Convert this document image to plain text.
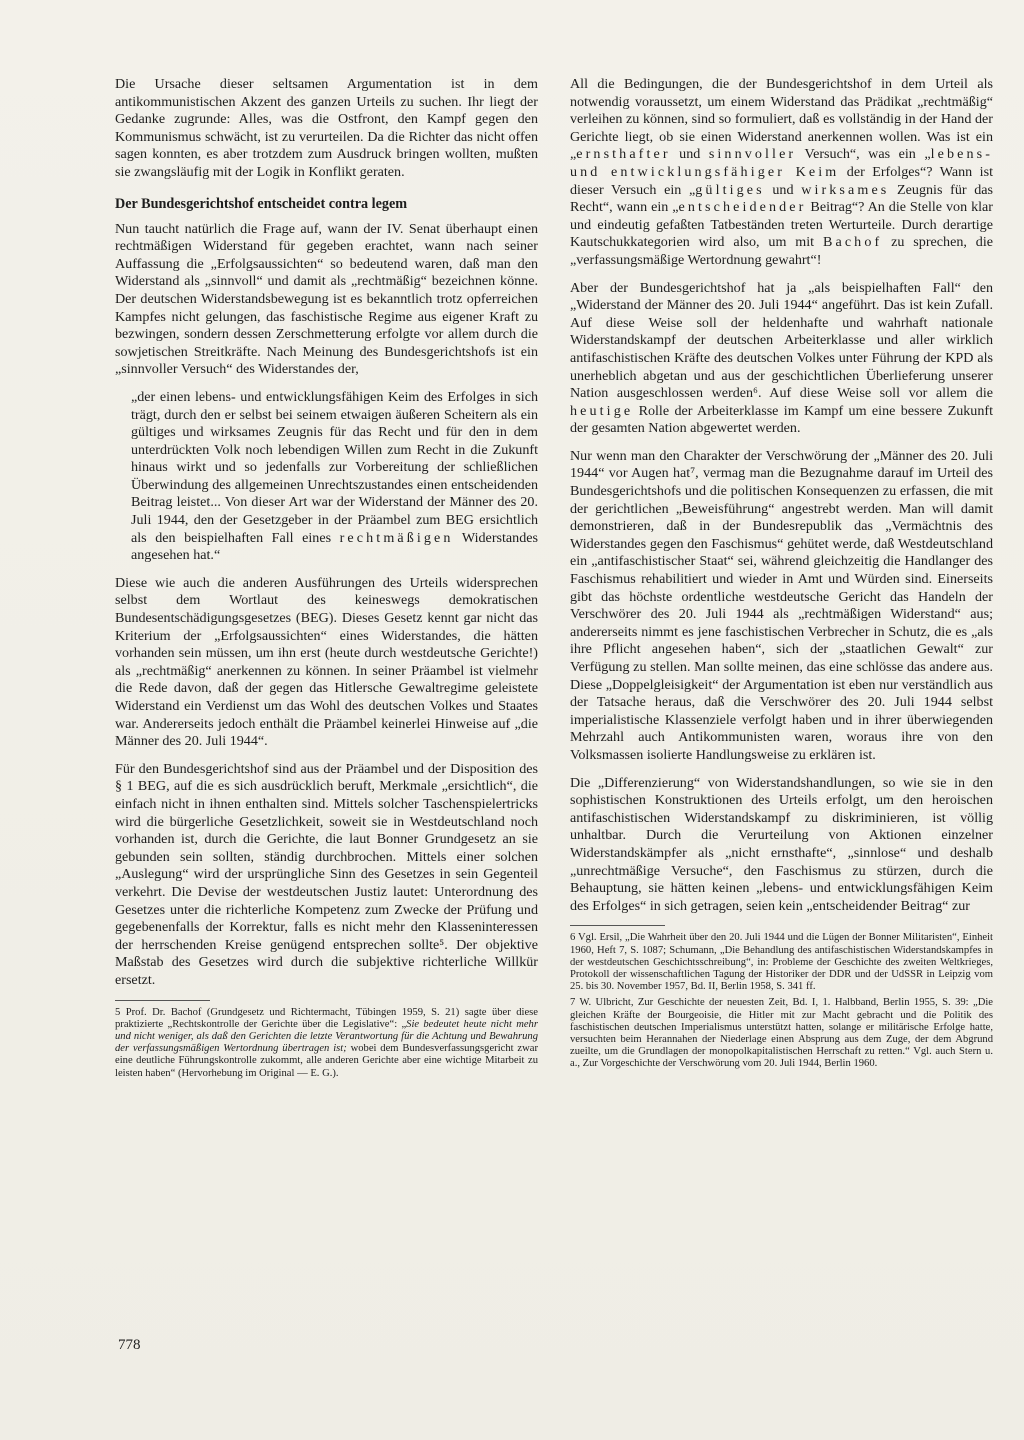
Die Ursache dieser seltsamen Argumentation ist in dem antikommunistischen Akzent des ganzen Urteils zu suchen. Ihr liegt der Gedanke zugrunde: Alles, was die Ostfront, den Kampf gegen den Kommunismus schwächt, ist zu verurteilen. Da die Richter das nicht offen sagen konnten, es aber trotzdem zum Ausdruck bringen wollten, mußten sie zwangsläufig mit der Logik in Konflikt geraten.

Der Bundesgerichtshof entscheidet contra legem

Nun taucht natürlich die Frage auf, wann der IV. Senat überhaupt einen rechtmäßigen Widerstand für gegeben erachtet, wann nach seiner Auffassung die „Erfolgsaussichten“ so bedeutend waren, daß man den Widerstand als „sinnvoll“ und damit als „rechtmäßig“ bezeichnen könne. Der deutschen Widerstandsbewegung ist es bekanntlich trotz opferreichen Kampfes nicht gelungen, das faschistische Regime aus eigener Kraft zu bezwingen, sondern dessen Zerschmetterung erfolgte vor allem durch die sowjetischen Streitkräfte. Nach Meinung des Bundesgerichtshofs ist ein „sinnvoller Versuch“ des Widerstandes der,

„der einen lebens- und entwicklungsfähigen Keim des Erfolges in sich trägt, durch den er selbst bei seinem etwaigen äußeren Scheitern als ein gültiges und wirksames Zeugnis für das Recht und für den in dem unterdrückten Volk noch lebendigen Willen zum Recht in die Zukunft hinaus wirkt und so jedenfalls zur Vorbereitung der schließlichen Überwindung des allgemeinen Unrechtszustandes einen entscheidenden Beitrag leistet... Von dieser Art war der Widerstand der Männer des 20. Juli 1944, den der Gesetzgeber in der Präambel zum BEG ersichtlich als den beispielhaften Fall eines rechtmäßigen Widerstandes angesehen hat.“

Diese wie auch die anderen Ausführungen des Urteils widersprechen selbst dem Wortlaut des keineswegs demokratischen Bundesentschädigungsgesetzes (BEG). Dieses Gesetz kennt gar nicht das Kriterium der „Erfolgsaussichten“ eines Widerstandes, die hätten vorhanden sein müssen, um ihn erst (heute durch westdeutsche Gerichte!) als „rechtmäßig“ anerkennen zu können. In seiner Präambel ist vielmehr die Rede davon, daß der gegen das Hitlersche Gewaltregime geleistete Widerstand ein Verdienst um das Wohl des deutschen Volkes und Staates war. Andererseits jedoch enthält die Präambel keinerlei Hinweise auf „die Männer des 20. Juli 1944“.

Für den Bundesgerichtshof sind aus der Präambel und der Disposition des § 1 BEG, auf die es sich ausdrücklich beruft, Merkmale „ersichtlich“, die einfach nicht in ihnen enthalten sind. Mittels solcher Taschenspielertricks wird die bürgerliche Gesetzlichkeit, soweit sie in Westdeutschland noch vorhanden ist, durch die Gerichte, die laut Bonner Grundgesetz an sie gebunden sein sollten, ständig durchbrochen. Mittels einer solchen „Auslegung“ wird der ursprüngliche Sinn des Gesetzes in sein Gegenteil verkehrt. Die Devise der westdeutschen Justiz lautet: Unterordnung des Gesetzes unter die richterliche Kompetenz zum Zwecke der Prüfung und gegebenenfalls der Korrektur, falls es nicht mehr den Klasseninteressen der herrschenden Kreise genügend entsprechen sollte⁵. Der objektive Maßstab des Gesetzes wird durch die subjektive richterliche Willkür ersetzt.

5 Prof. Dr. Bachof (Grundgesetz und Richtermacht, Tübingen 1959, S. 21) sagte über diese praktizierte „Rechtskontrolle der Gerichte über die Legislative“: „Sie bedeutet heute nicht mehr und nicht weniger, als daß den Gerichten die letzte Verantwortung für die Achtung und Bewahrung der verfassungsmäßigen Wertordnung übertragen ist; wobei dem Bundesverfassungsgericht zwar eine deutliche Führungskontrolle zukommt, alle anderen Gerichte aber eine wichtige Mitarbeit zu leisten haben“ (Hervorhebung im Original — E. G.).

All die Bedingungen, die der Bundesgerichtshof in dem Urteil als notwendig voraussetzt, um einem Widerstand das Prädikat „rechtmäßig“ verleihen zu können, sind so formuliert, daß es vollständig in der Hand der Gerichte liegt, ob sie einen Widerstand anerkennen wollen. Was ist ein „ernsthafter und sinnvoller Versuch“, was ein „lebens- und entwicklungsfähiger Keim der Erfolges“? Wann ist dieser Versuch ein „gültiges und wirksames Zeugnis für das Recht“, wann ein „entscheidender Beitrag“? An die Stelle von klar und eindeutig gefaßten Tatbeständen treten Werturteile. Durch derartige Kautschukkategorien wird also, um mit Bachof zu sprechen, die „verfassungsmäßige Wertordnung gewahrt“!

Aber der Bundesgerichtshof hat ja „als beispielhaften Fall“ den „Widerstand der Männer des 20. Juli 1944“ angeführt. Das ist kein Zufall. Auf diese Weise soll der heldenhafte und wahrhaft nationale Widerstandskampf der deutschen Arbeiterklasse und aller wirklich antifaschistischen Kräfte des deutschen Volkes unter Führung der KPD als unerheblich abgetan und aus der geschichtlichen Überlieferung unserer Nation ausgeschlossen werden⁶. Auf diese Weise soll vor allem die heutige Rolle der Arbeiterklasse im Kampf um eine bessere Zukunft der gesamten Nation abgewertet werden.

Nur wenn man den Charakter der Verschwörung der „Männer des 20. Juli 1944“ vor Augen hat⁷, vermag man die Bezugnahme darauf im Urteil des Bundesgerichtshofs und die politischen Konsequenzen zu erfassen, die mit der gerichtlichen „Beweisführung“ angestrebt werden. Man will damit demonstrieren, daß in der Bundesrepublik das „Vermächtnis des Widerstandes gegen den Faschismus“ gehütet werde, daß Westdeutschland ein „antifaschistischer Staat“ sei, während gleichzeitig die Handlanger des Faschismus rehabilitiert und wieder in Amt und Würden sind. Einerseits gibt das höchste ordentliche westdeutsche Gericht das Handeln der Verschwörer des 20. Juli 1944 als „rechtmäßigen Widerstand“ aus; andererseits nimmt es jene faschistischen Verbrecher in Schutz, die es „als ihre Pflicht angesehen haben“, sich der „staatlichen Gewalt“ zur Verfügung zu stellen. Man sollte meinen, das eine schlösse das andere aus. Diese „Doppelgleisigkeit“ der Argumentation ist eben nur verständlich aus der Tatsache heraus, daß die Verschwörer des 20. Juli 1944 selbst imperialistische Klassenziele verfolgt haben und in ihrer überwiegenden Mehrzahl auch Antikommunisten waren, woraus ihre von den Volksmassen isolierte Handlungsweise zu erklären ist.

Die „Differenzierung“ von Widerstandshandlungen, so wie sie in den sophistischen Konstruktionen des Urteils erfolgt, um den heroischen antifaschistischen Widerstandskampf zu diskriminieren, ist völlig unhaltbar. Durch die Verurteilung von Aktionen einzelner Widerstandskämpfer als „nicht ernsthafte“, „sinnlose“ und deshalb „unrechtmäßige Versuche“, den Faschismus zu stürzen, durch die Behauptung, sie hätten keinen „lebens- und entwicklungsfähigen Keim des Erfolges“ in sich getragen, seien kein „entscheidender Beitrag“ zur

6 Vgl. Ersil, „Die Wahrheit über den 20. Juli 1944 und die Lügen der Bonner Militaristen“, Einheit 1960, Heft 7, S. 1087; Schumann, „Die Behandlung des antifaschistischen Widerstandskampfes in der westdeutschen Geschichtsschreibung“, in: Probleme der Geschichte des zweiten Weltkrieges, Protokoll der wissenschaftlichen Tagung der Historiker der DDR und der UdSSR in Leipzig vom 25. bis 30. November 1957, Bd. II, Berlin 1958, S. 341 ff.
7 W. Ulbricht, Zur Geschichte der neuesten Zeit, Bd. I, 1. Halbband, Berlin 1955, S. 39: „Die gleichen Kräfte der Bourgeoisie, die Hitler mit zur Macht gebracht und die Politik des faschistischen deutschen Imperialismus unterstützt hatten, solange er militärische Erfolge hatte, versuchten beim Herannahen der Niederlage einen Absprung aus dem Zuge, der dem Abgrund zueilte, um die Grundlagen der monopolkapitalistischen Herrschaft zu retten.“ Vgl. auch Stern u. a., Zur Vorgeschichte der Verschwörung vom 20. Juli 1944, Berlin 1960.
778
